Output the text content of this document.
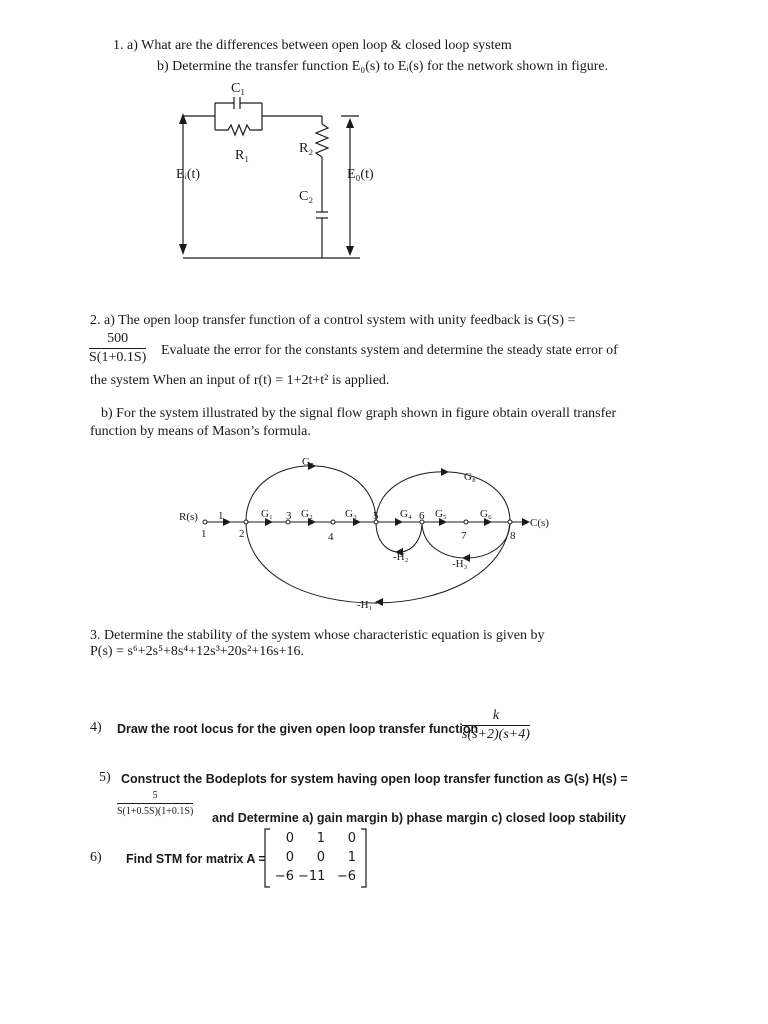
1. a) What are the differences between open loop & closed loop system
b) Determine the transfer function E₀(s) to Eᵢ(s) for the network shown in figure.
C₁
R₁	R₂
C₂
Eᵢ(t)	E₀(t)
2. a) The open loop transfer function of a control system with unity feedback is G(S) =
$\frac{500}{S(1+0.1S)}$ Evaluate the error for the constants system and determine the steady state error of
the system When an input of r(t) = 1+2t+t² is applied.
b) For the system illustrated by the signal flow graph shown in figure obtain overall transfer
function by means of Mason’s formula.
R(s)	C(s)
1
1	2
3
4
5	6
7	8
G₁	G₂	G₃	G₄ G₅	G₆
G₇
G₈
-H₂
-H₃
-H₁
3. Determine the stability of the system whose characteristic equation is given by
P(s) = s⁶+2s⁵+8s⁴+12s³+20s²+16s+16.
4) Draw the root locus for the given open loop transfer function
$\frac{k}{s(s+2)(s+4)}$
5) Construct the Bodeplots for system having open loop transfer function as G(s) H(s) =
$\frac{5}{S(1+0.5S)(1+0.1S)}$ and Determine a) gain margin b) phase margin c) closed loop stability
6) Find STM for matrix A =
0	1	0
0	0	1
−6 −11 −6
